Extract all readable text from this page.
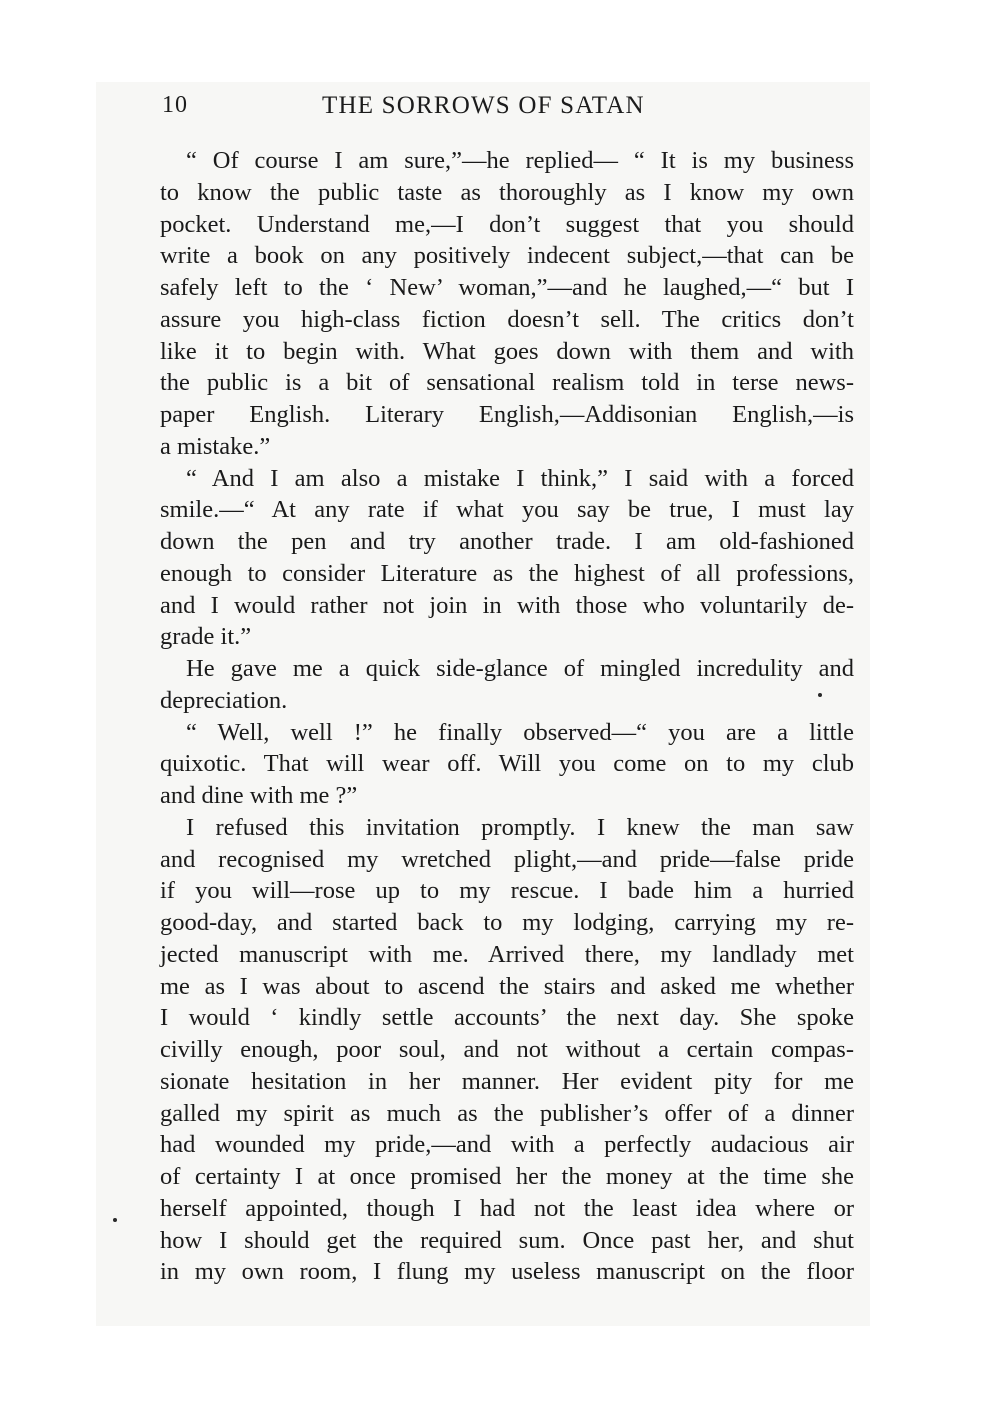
10	THE SORROWS OF SATAN
“ Of course I am sure,”—he replied— “ It is my business
to know the public taste as thoroughly as I know my own
pocket. Understand me,—I don’t suggest that you should
write a book on any positively indecent subject,—that can be
safely left to the ‘ New’ woman,”—and he laughed,—“ but I
assure you high-class fiction doesn’t sell. The critics don’t
like it to begin with. What goes down with them and with
the public is a bit of sensational realism told in terse news-
paper English. Literary English,—Addisonian English,—is
a mistake.”
“ And I am also a mistake I think,” I said with a forced
smile.—“ At any rate if what you say be true, I must lay
down the pen and try another trade. I am old-fashioned
enough to consider Literature as the highest of all professions,
and I would rather not join in with those who voluntarily de-
grade it.”
He gave me a quick side-glance of mingled incredulity and
depreciation.
“ Well, well !” he finally observed—“ you are a little
quixotic. That will wear off. Will you come on to my club
and dine with me ?”
I refused this invitation promptly. I knew the man saw
and recognised my wretched plight,—and pride—false pride
if you will—rose up to my rescue. I bade him a hurried
good-day, and started back to my lodging, carrying my re-
jected manuscript with me. Arrived there, my landlady met
me as I was about to ascend the stairs and asked me whether
I would ‘ kindly settle accounts’ the next day. She spoke
civilly enough, poor soul, and not without a certain compas-
sionate hesitation in her manner. Her evident pity for me
galled my spirit as much as the publisher’s offer of a dinner
had wounded my pride,—and with a perfectly audacious air
of certainty I at once promised her the money at the time she
herself appointed, though I had not the least idea where or
how I should get the required sum. Once past her, and shut
in my own room, I flung my useless manuscript on the floor
